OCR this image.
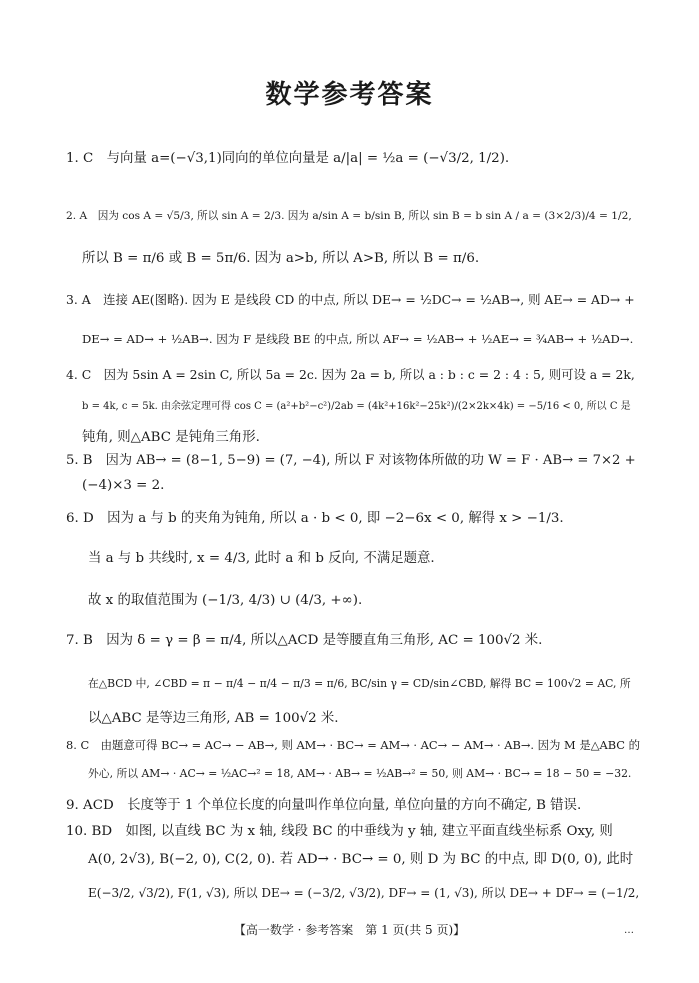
数学参考答案
1. C　与向量 a=(−√3,1)同向的单位向量是 a/|a| = ½a = (−√3/2, 1/2).
2. A　因为 cos A = √5/3, 所以 sin A = 2/3. 因为 a/sin A = b/sin B, 所以 sin B = b sin A / a = (3×2/3)/4 = 1/2,
所以 B = π/6 或 B = 5π/6. 因为 a>b, 所以 A>B, 所以 B = π/6.
3. A　连接 AE(图略). 因为 E 是线段 CD 的中点, 所以 DE→ = ½DC→ = ½AB→, 则 AE→ = AD→ +
DE→ = AD→ + ½AB→. 因为 F 是线段 BE 的中点, 所以 AF→ = ½AB→ + ½AE→ = ¾AB→ + ½AD→.
4. C　因为 5sin A = 2sin C, 所以 5a = 2c. 因为 2a = b, 所以 a : b : c = 2 : 4 : 5, 则可设 a = 2k,
b = 4k, c = 5k. 由余弦定理可得 cos C = (a²+b²−c²)/2ab = (4k²+16k²−25k²)/(2×2k×4k) = −5/16 < 0, 所以 C 是
钝角, 则△ABC 是钝角三角形.
5. B　因为 AB→ = (8−1, 5−9) = (7, −4), 所以 F 对该物体所做的功 W = F · AB→ = 7×2 +
(−4)×3 = 2.
6. D　因为 a 与 b 的夹角为钝角, 所以 a · b < 0, 即 −2−6x < 0, 解得 x > −1/3.
当 a 与 b 共线时, x = 4/3, 此时 a 和 b 反向, 不满足题意.
故 x 的取值范围为 (−1/3, 4/3) ∪ (4/3, +∞).
7. B　因为 δ = γ = β = π/4, 所以△ACD 是等腰直角三角形, AC = 100√2 米.
在△BCD 中, ∠CBD = π − π/4 − π/4 − π/3 = π/6, BC/sin γ = CD/sin∠CBD, 解得 BC = 100√2 = AC, 所
以△ABC 是等边三角形, AB = 100√2 米.
8. C　由题意可得 BC→ = AC→ − AB→, 则 AM→ · BC→ = AM→ · AC→ − AM→ · AB→. 因为 M 是△ABC 的
外心, 所以 AM→ · AC→ = ½AC→² = 18, AM→ · AB→ = ½AB→² = 50, 则 AM→ · BC→ = 18 − 50 = −32.
9. ACD　长度等于 1 个单位长度的向量叫作单位向量, 单位向量的方向不确定, B 错误.
10. BD　如图, 以直线 BC 为 x 轴, 线段 BC 的中垂线为 y 轴, 建立平面直线坐标系 Oxy, 则
A(0, 2√3), B(−2, 0), C(2, 0). 若 AD→ · BC→ = 0, 则 D 为 BC 的中点, 即 D(0, 0), 此时
E(−3/2, √3/2), F(1, √3), 所以 DE→ = (−3/2, √3/2), DF→ = (1, √3), 所以 DE→ + DF→ = (−1/2,
【高一数学 · 参考答案　第 1 页(共 5 页)】	…
